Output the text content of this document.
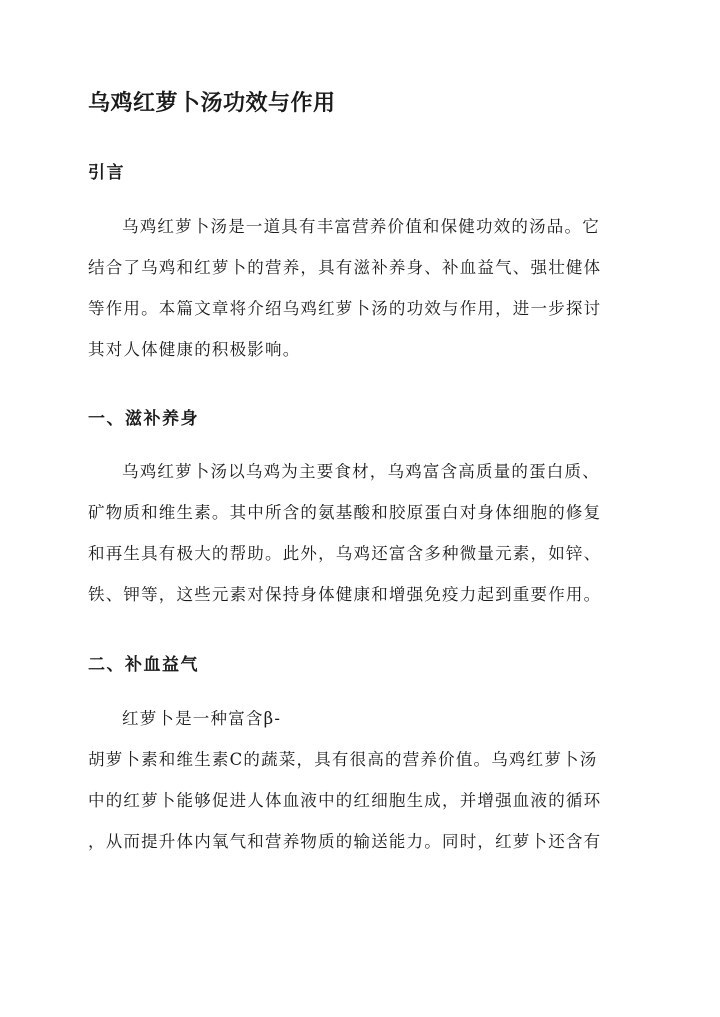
乌鸡红萝卜汤功效与作用
引言
乌鸡红萝卜汤是一道具有丰富营养价值和保健功效的汤品。它
结合了乌鸡和红萝卜的营养，具有滋补养身、补血益气、强壮健体
等作用。本篇文章将介绍乌鸡红萝卜汤的功效与作用，进一步探讨
其对人体健康的积极影响。
一、滋补养身
乌鸡红萝卜汤以乌鸡为主要食材，乌鸡富含高质量的蛋白质、
矿物质和维生素。其中所含的氨基酸和胶原蛋白对身体细胞的修复
和再生具有极大的帮助。此外，乌鸡还富含多种微量元素，如锌、
铁、钾等，这些元素对保持身体健康和增强免疫力起到重要作用。
二、补血益气
红萝卜是一种富含β-
胡萝卜素和维生素C的蔬菜，具有很高的营养价值。乌鸡红萝卜汤
中的红萝卜能够促进人体血液中的红细胞生成，并增强血液的循环
，从而提升体内氧气和营养物质的输送能力。同时，红萝卜还含有
